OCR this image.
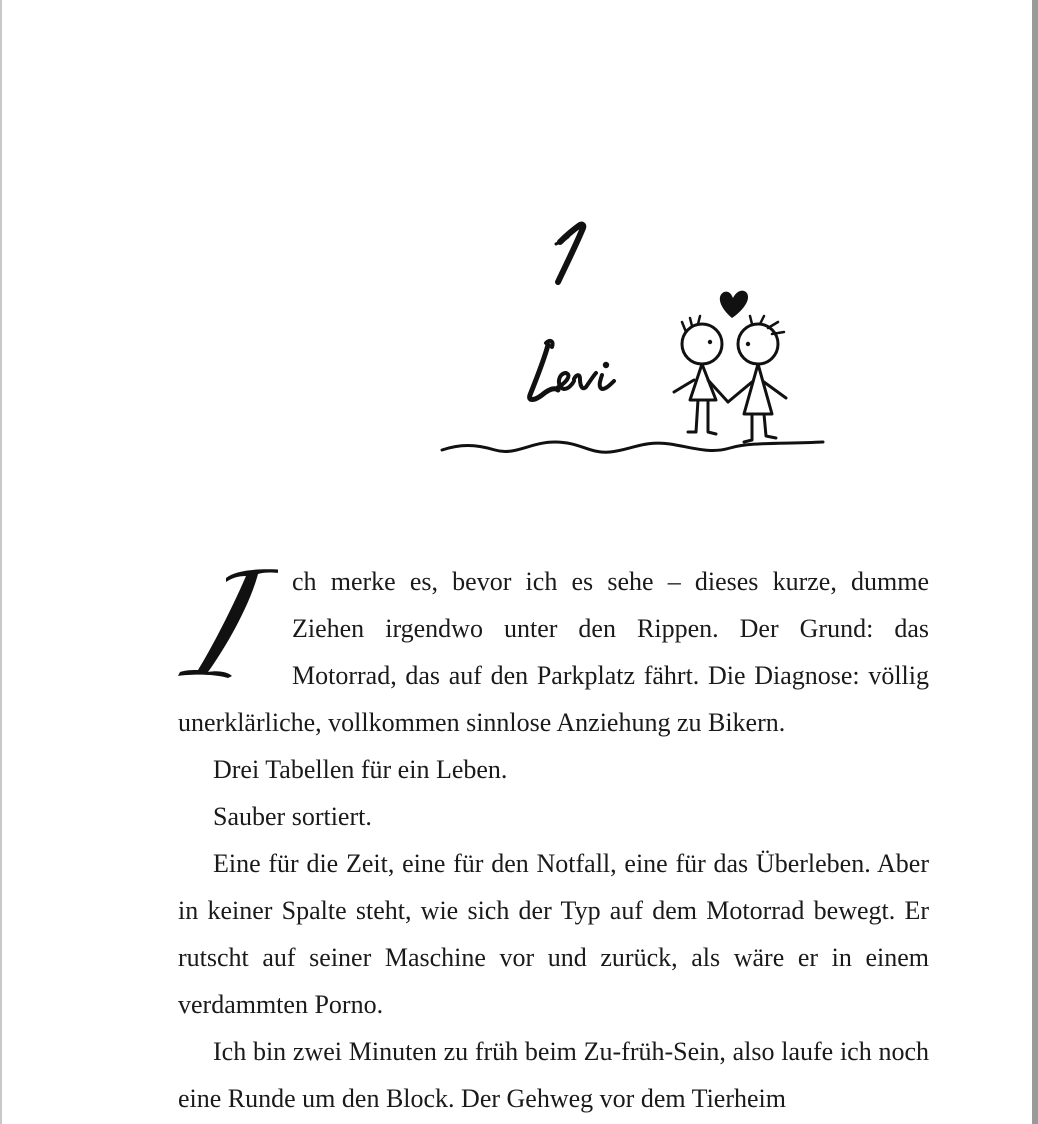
ch merke es, bevor ich es sehe – dieses kurze, dumme Ziehen irgendwo unter den Rippen. Der Grund: das Motorrad, das auf den Parkplatz fährt. Die Diagnose: völlig unerklärliche, vollkommen sinnlose Anziehung zu Bikern.

Drei Tabellen für ein Leben.

Sauber sortiert.

Eine für die Zeit, eine für den Notfall, eine für das Überleben. Aber in keiner Spalte steht, wie sich der Typ auf dem Motorrad bewegt. Er rutscht auf seiner Maschine vor und zurück, als wäre er in einem verdammten Porno.

Ich bin zwei Minuten zu früh beim Zu-früh-Sein, also laufe ich noch eine Runde um den Block. Der Gehweg vor dem Tierheim
